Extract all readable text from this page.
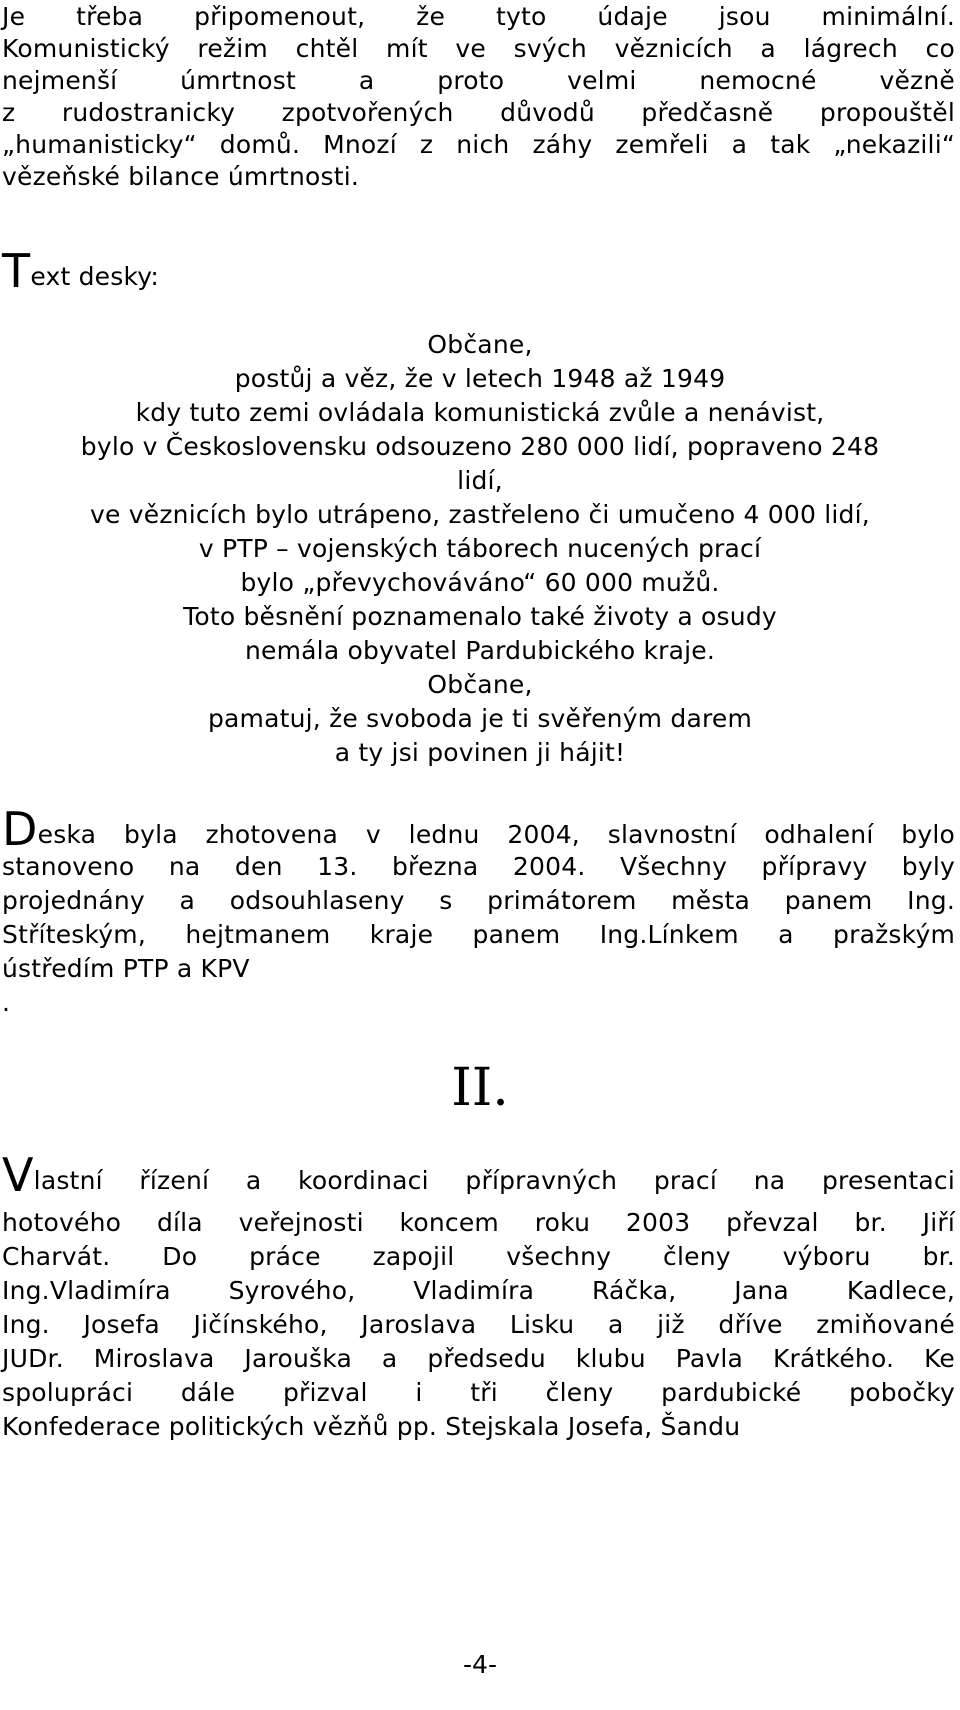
Je třeba připomenout, že tyto údaje jsou minimální.
Komunistický režim chtěl mít ve svých věznicích a lágrech co
nejmenší úmrtnost a proto velmi nemocné vězně
z rudostranicky zpotvořených důvodů předčasně propouštěl
„humanisticky“ domů. Mnozí z nich záhy zemřeli a tak „nekazili“
vězeňské bilance úmrtnosti.
Text desky:
Občane,
postůj a věz, že v letech 1948 až 1949
kdy tuto zemi ovládala komunistická zvůle a nenávist,
bylo v Československu odsouzeno 280 000 lidí, popraveno 248
lidí,
ve věznicích bylo utrápeno, zastřeleno či umučeno 4 000 lidí,
v PTP – vojenských táborech nucených prací
bylo „převychováváno“ 60 000 mužů.
Toto běsnění poznamenalo také životy a osudy
nemála obyvatel Pardubického kraje.
Občane,
pamatuj, že svoboda je ti svěřeným darem
a ty jsi povinen ji hájit!
Deska byla zhotovena v lednu 2004, slavnostní odhalení bylo
stanoveno na den 13. března 2004. Všechny přípravy byly
projednány a odsouhlaseny s primátorem města panem Ing.
Stříteským, hejtmanem kraje panem Ing.Línkem a pražským
ústředím PTP a KPV
.
II.
Vlastní řízení a koordinaci přípravných prací na presentaci
hotového díla veřejnosti koncem roku 2003 převzal br. Jiří
Charvát. Do práce zapojil všechny členy výboru br.
Ing.Vladimíra Syrového, Vladimíra Ráčka, Jana Kadlece,
Ing. Josefa Jičínského, Jaroslava Lisku a již dříve zmiňované
JUDr. Miroslava Jarouška a předsedu klubu Pavla Krátkého. Ke
spolupráci dále přizval i tři členy pardubické pobočky
Konfederace politických vězňů pp. Stejskala Josefa, Šandu
-4-
